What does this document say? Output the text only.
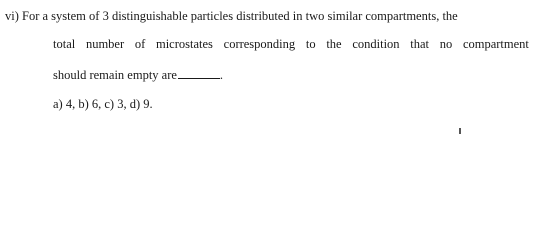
vi) For a system of 3 distinguishable particles distributed in two similar compartments, the
total number of microstates corresponding to the condition that no compartment
should remain empty are	.
a) 4, b) 6, c) 3, d) 9.
